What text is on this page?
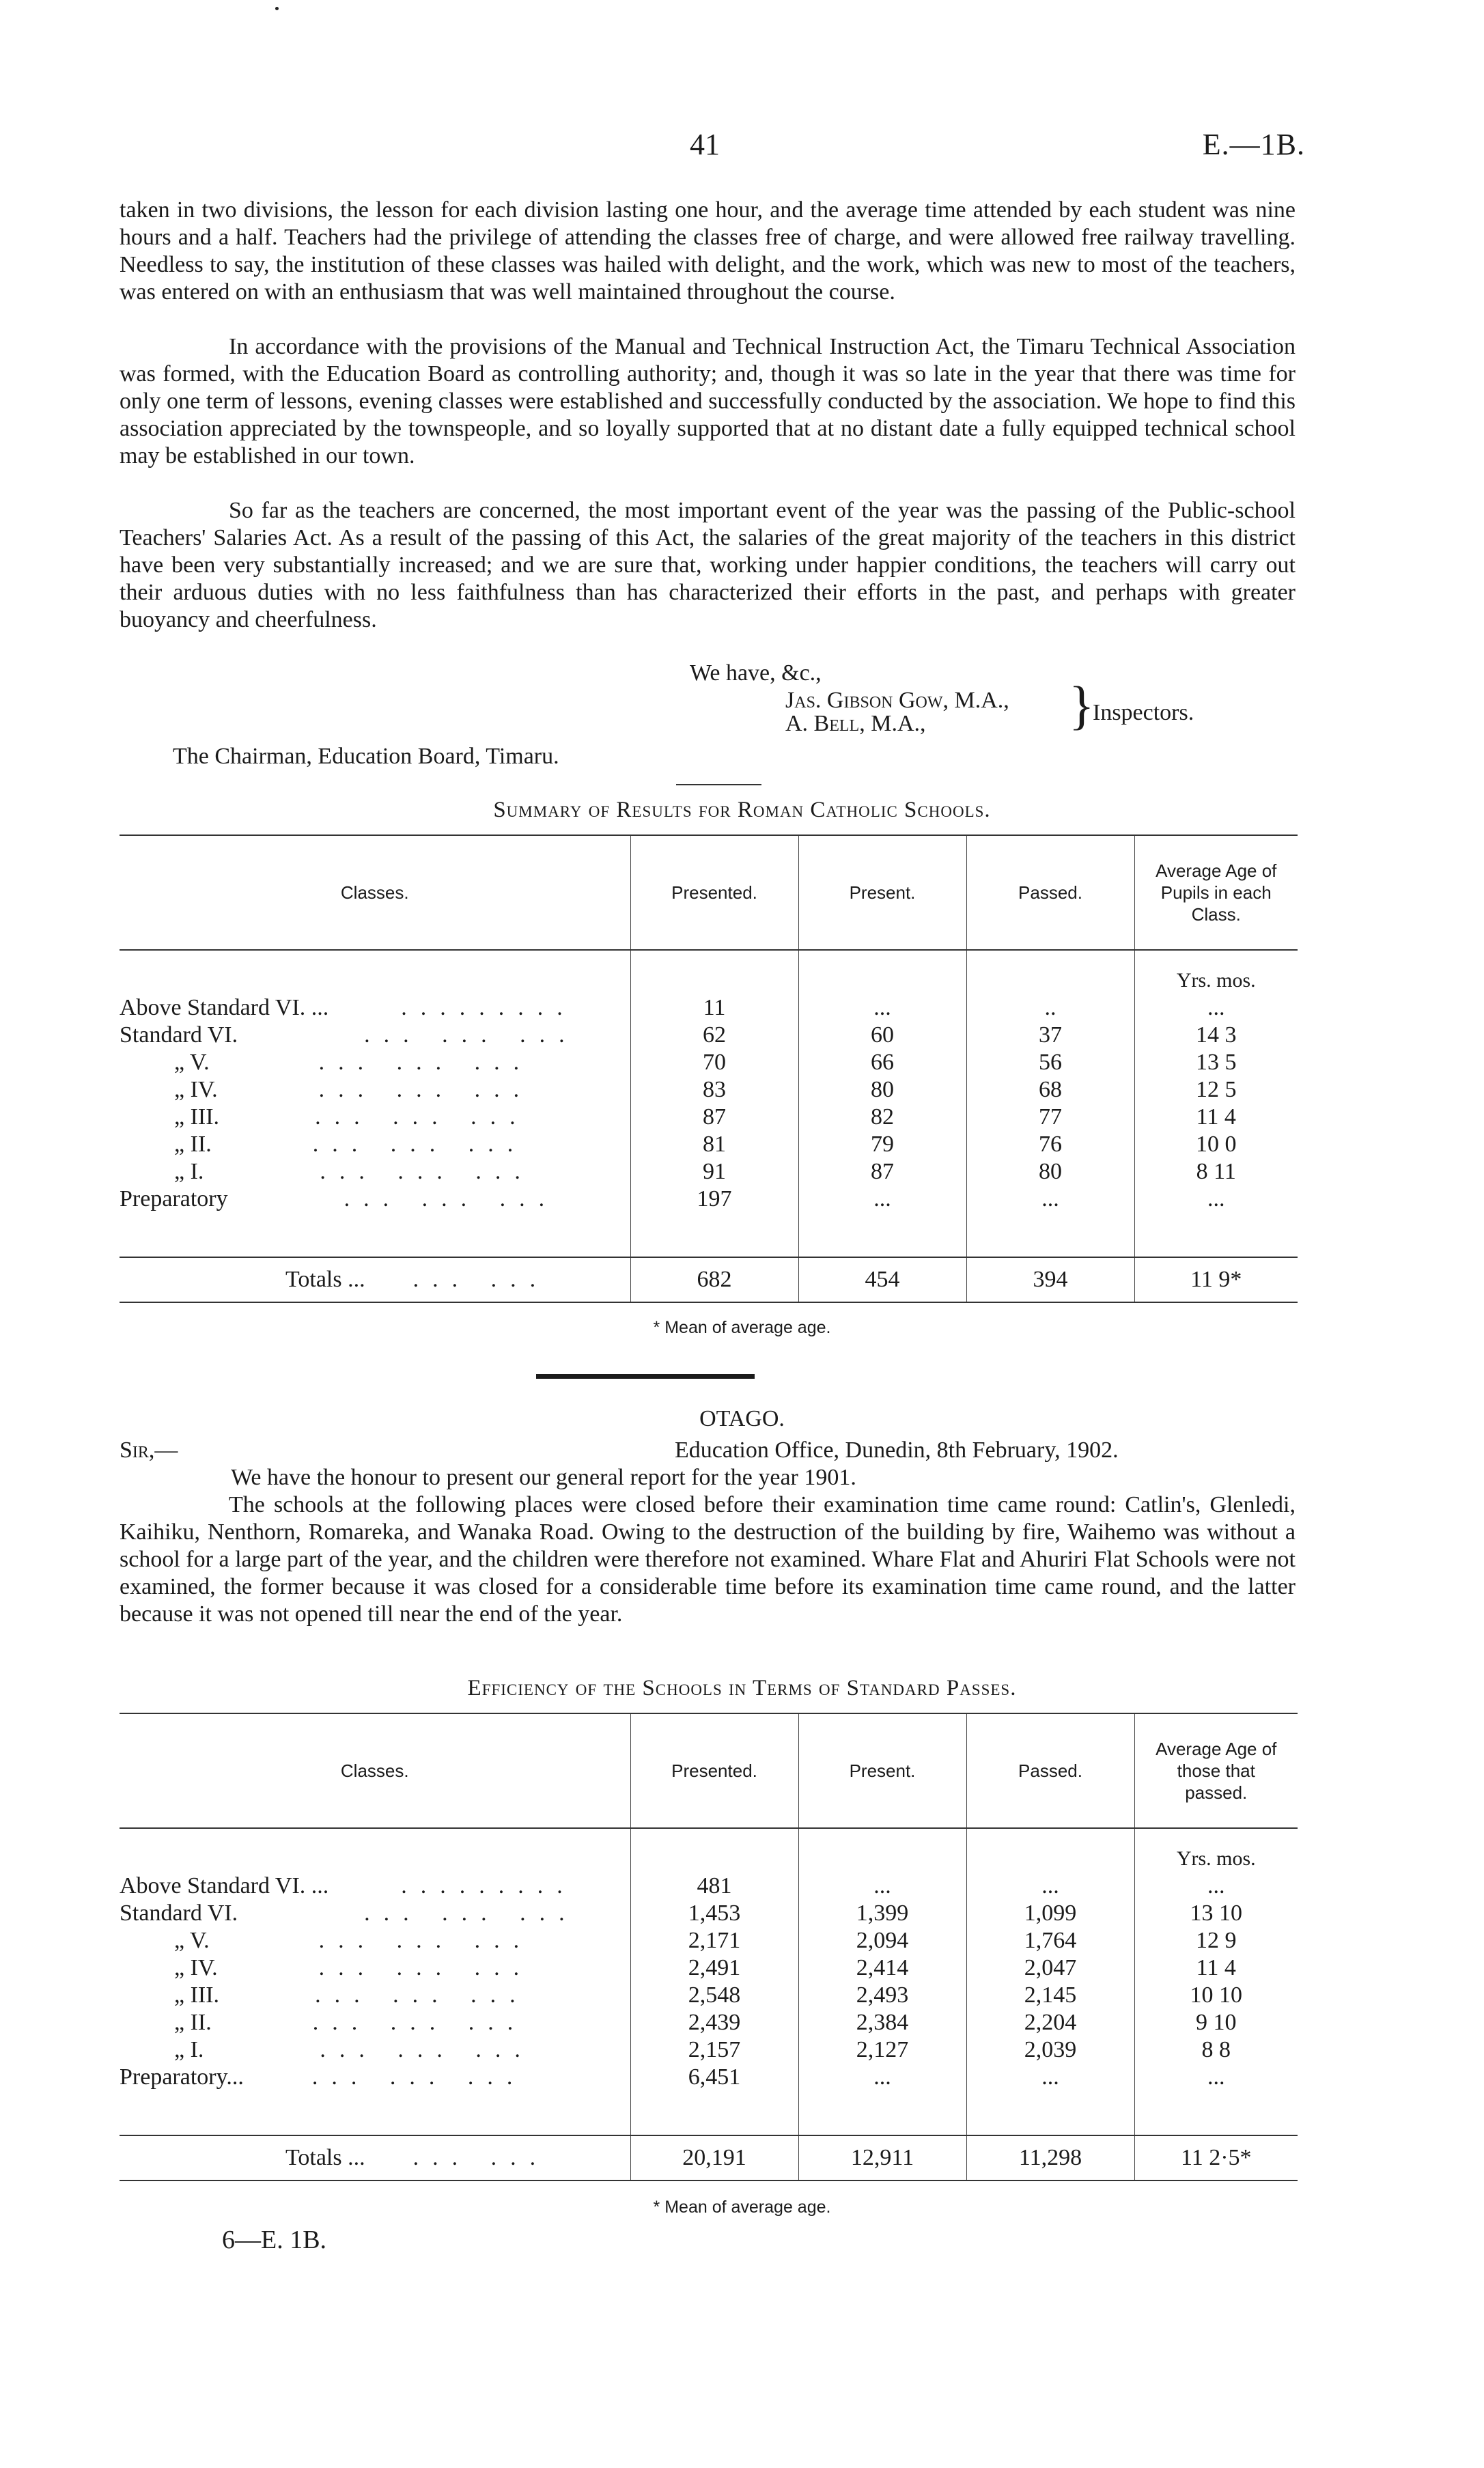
41	E.—1B.

taken in two divisions, the lesson for each division lasting one hour, and the average time attended by each student was nine hours and a half. Teachers had the privilege of attending the classes free of charge, and were allowed free railway travelling. Needless to say, the institution of these classes was hailed with delight, and the work, which was new to most of the teachers, was entered on with an enthusiasm that was well maintained throughout the course.

In accordance with the provisions of the Manual and Technical Instruction Act, the Timaru Technical Association was formed, with the Education Board as controlling authority; and, though it was so late in the year that there was time for only one term of lessons, evening classes were established and successfully conducted by the association. We hope to find this association appreciated by the townspeople, and so loyally supported that at no distant date a fully equipped technical school may be established in our town.

So far as the teachers are concerned, the most important event of the year was the passing of the Public-school Teachers' Salaries Act. As a result of the passing of this Act, the salaries of the great majority of the teachers in this district have been very substantially increased; and we are sure that, working under happier conditions, the teachers will carry out their arduous duties with no less faithfulness than has characterized their efforts in the past, and perhaps with greater buoyancy and cheerfulness.

We have, &c.,
Jas. Gibson Gow, M.A.,
A. Bell, M.A.,	}
Inspectors.
The Chairman, Education Board, Timaru.
Summary of Results for Roman Catholic Schools.
Classes.	Presented.	Present.	Passed.	Average Age of Pupils in each Class.
				Yrs. mos.
Above Standard VI. ... .........	11	...	..	...
Standard VI. ... ... ...	62	60	37	14 3
„ V. ... ... ...	70	66	56	13 5
„ IV. ... ... ...	83	80	68	12 5
„ III. ... ... ...	87	82	77	11 4
„ II. ... ... ...	81	79	76	10 0
„ I. ... ... ...	91	87	80	8 11
Preparatory ... ... ...	197	...	...	...

Totals ... ... ...	682	454	394	11 9*
* Mean of average age.
OTAGO.
Sir,—	Education Office, Dunedin, 8th February, 1902.
We have the honour to present our general report for the year 1901.

The schools at the following places were closed before their examination time came round: Catlin's, Glenledi, Kaihiku, Nenthorn, Romareka, and Wanaka Road. Owing to the destruction of the building by fire, Waihemo was without a school for a large part of the year, and the children were therefore not examined. Whare Flat and Ahuriri Flat Schools were not examined, the former because it was closed for a considerable time before its examination time came round, and the latter because it was not opened till near the end of the year.

Efficiency of the Schools in Terms of Standard Passes.
Classes.	Presented.	Present.	Passed.	Average Age of those that passed.
				Yrs. mos.
Above Standard VI. ... .........	481	...	...	...
Standard VI. ... ... ...	1,453	1,399	1,099	13 10
„ V. ... ... ...	2,171	2,094	1,764	12 9
„ IV. ... ... ...	2,491	2,414	2,047	11 4
„ III. ... ... ...	2,548	2,493	2,145	10 10
„ II. ... ... ...	2,439	2,384	2,204	9 10
„ I. ... ... ...	2,157	2,127	2,039	8 8
Preparatory... ... ... ...	6,451	...	...	...

Totals ... ... ...	20,191	12,911	11,298	11 2·5*
* Mean of average age.
6—E. 1B.
